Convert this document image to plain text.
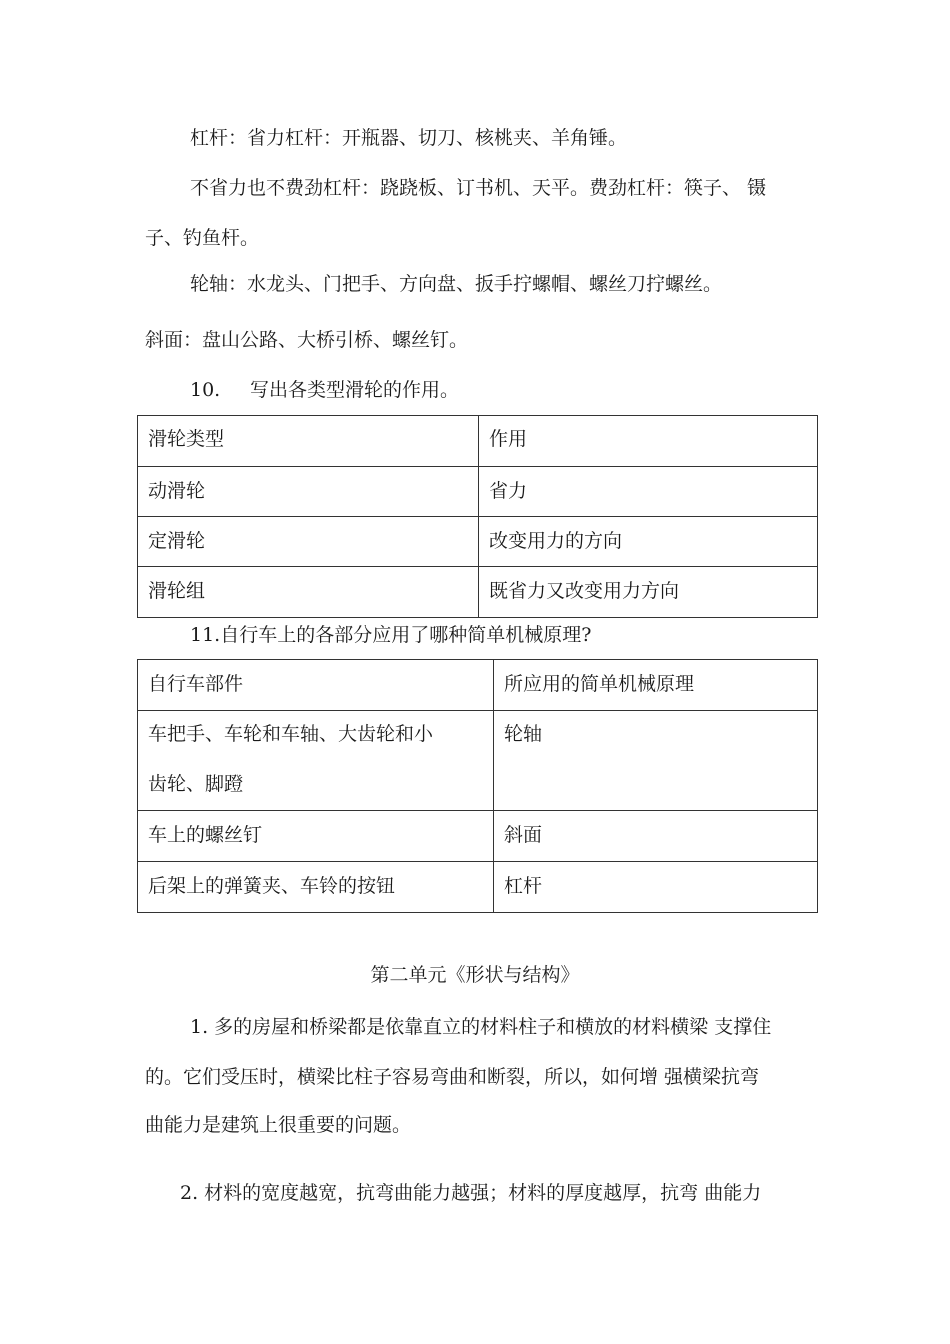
杠杆：省力杠杆：开瓶器、切刀、核桃夹、羊角锤。
不省力也不费劲杠杆：跷跷板、订书机、天平。费劲杠杆：筷子、 镊
子、钓鱼杆。
轮轴：水龙头、门把手、方向盘、扳手拧螺帽、螺丝刀拧螺丝。
斜面：盘山公路、大桥引桥、螺丝钉。
10. 写出各类型滑轮的作用。
滑轮类型	作用

动滑轮	省力

定滑轮	改变用力的方向

滑轮组	既省力又改变用力方向
11.自行车上的各部分应用了哪种简单机械原理?
自行车部件	所应用的简单机械原理

车把手、车轮和车轴、大齿轮和小
齿轮、脚蹬	轮轴

车上的螺丝钉	斜面

后架上的弹簧夹、车铃的按钮	杠杆
第二单元《形状与结构》
1. 多的房屋和桥梁都是依靠直立的材料柱子和横放的材料横梁 支撑住
的。它们受压时，横梁比柱子容易弯曲和断裂，所以，如何增 强横梁抗弯
曲能力是建筑上很重要的问题。
2. 材料的宽度越宽，抗弯曲能力越强；材料的厚度越厚，抗弯 曲能力
